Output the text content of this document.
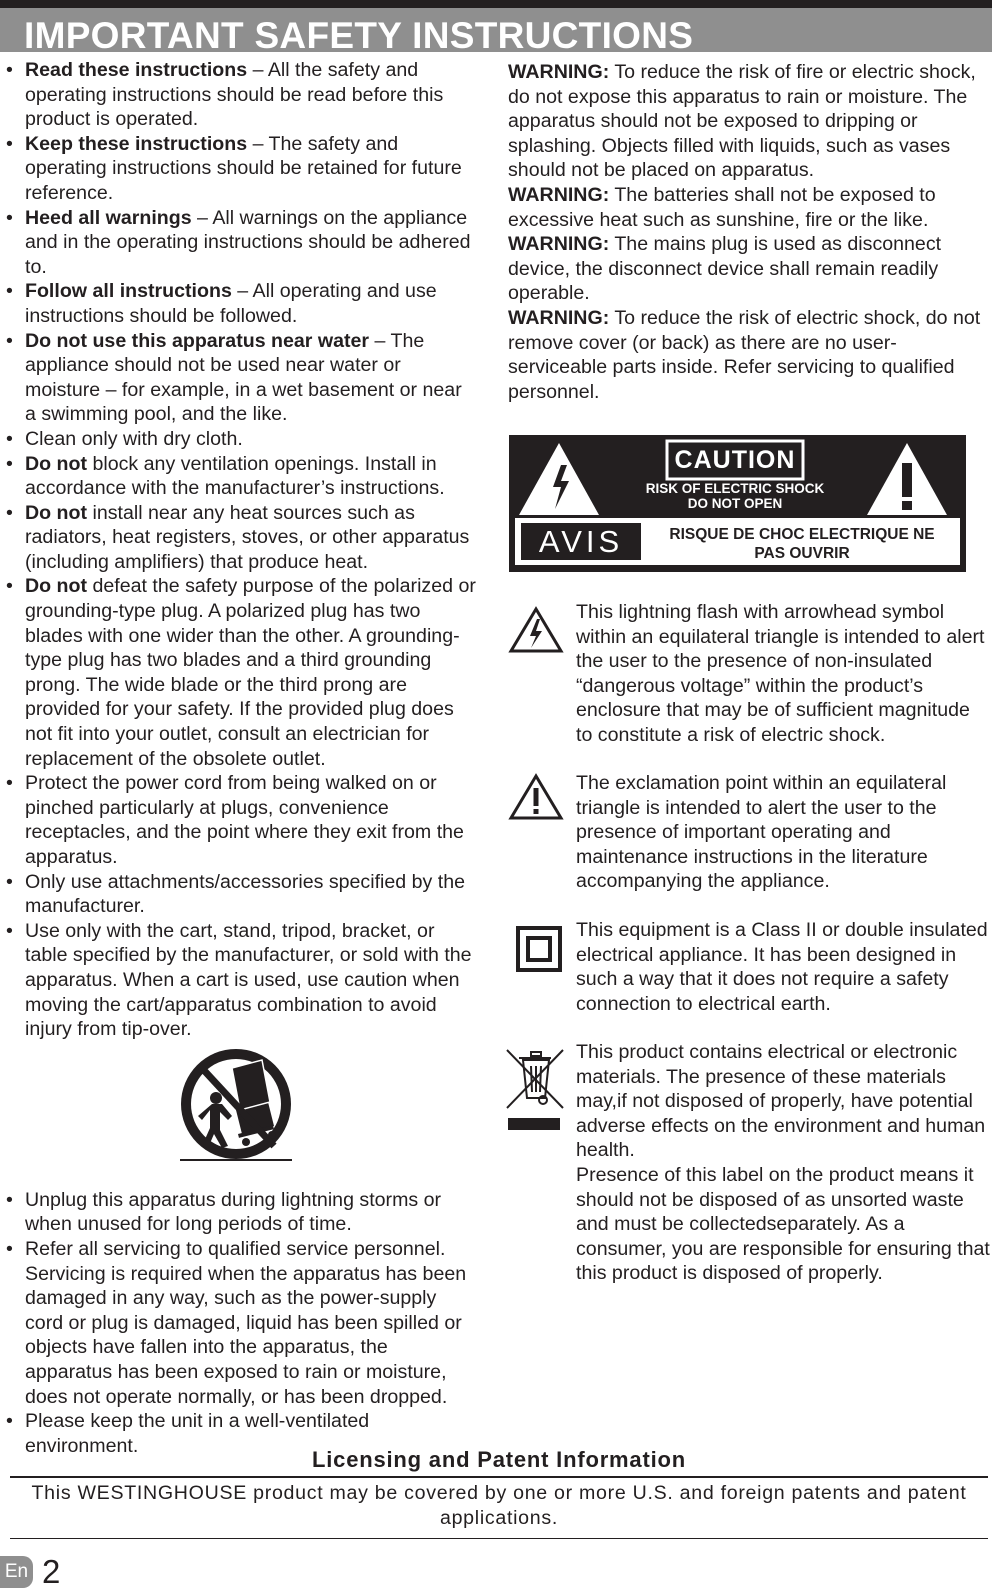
IMPORTANT SAFETY INSTRUCTIONS
• Read these instructions – All the safety and operating instructions should be read before this product is operated.
• Keep these instructions – The safety and operating instructions should be retained for future reference.
• Heed all warnings – All warnings on the appliance and in the operating instructions should be adhered to.
• Follow all instructions – All operating and use instructions should be followed.
• Do not use this apparatus near water – The appliance should not be used near water or moisture – for example, in a wet basement or near a swimming pool, and the like.
• Clean only with dry cloth.
• Do not block any ventilation openings. Install in accordance with the manufacturer’s instructions.
• Do not install near any heat sources such as radiators, heat registers, stoves, or other apparatus (including amplifiers) that produce heat.
• Do not defeat the safety purpose of the polarized or grounding-type plug. A polarized plug has two blades with one wider than the other. A grounding-type plug has two blades and a third grounding prong. The wide blade or the third prong are provided for your safety. If the provided plug does not fit into your outlet, consult an electrician for replacement of the obsolete outlet.
• Protect the power cord from being walked on or pinched particularly at plugs, convenience receptacles, and the point where they exit from the apparatus.
• Only use attachments/accessories specified by the manufacturer.
• Use only with the cart, stand, tripod, bracket, or table specified by the manufacturer, or sold with the apparatus. When a cart is used, use caution when moving the cart/apparatus combination to avoid injury from tip-over.
• Unplug this apparatus during lightning storms or when unused for long periods of time.
• Refer all servicing to qualified service personnel. Servicing is required when the apparatus has been damaged in any way, such as the power-supply cord or plug is damaged, liquid has been spilled or objects have fallen into the apparatus, the apparatus has been exposed to rain or moisture, does not operate normally, or has been dropped.
• Please keep the unit in a well-ventilated environment.

WARNING: To reduce the risk of fire or electric shock, do not expose this apparatus to rain or moisture. The apparatus should not be exposed to dripping or splashing. Objects filled with liquids, such as vases should not be placed on apparatus.

WARNING: The batteries shall not be exposed to excessive heat such as sunshine, fire or the like.

WARNING: The mains plug is used as disconnect device, the disconnect device shall remain readily operable.

WARNING: To reduce the risk of electric shock, do not remove cover (or back) as there are no user-serviceable parts inside. Refer servicing to qualified personnel.

CAUTION
RISK OF ELECTRIC SHOCK
DO NOT OPEN
AVIS	RISQUE DE CHOC ELECTRIQUE NE
PAS OUVRIR
This lightning flash with arrowhead symbol within an equilateral triangle is intended to alert the user to the presence of non-insulated “dangerous voltage” within the product’s enclosure that may be of sufficient magnitude to constitute a risk of electric shock.
The exclamation point within an equilateral triangle is intended to alert the user to the presence of important operating and maintenance instructions in the literature accompanying the appliance.
This equipment is a Class II or double insulated electrical appliance. It has been designed in such a way that it does not require a safety connection to electrical earth.
This product contains electrical or electronic materials. The presence of these materials may,if not disposed of properly, have potential adverse effects on the environment and human health.
Presence of this label on the product means it should not be disposed of as unsorted waste and must be collectedseparately. As a consumer, you are responsible for ensuring that this product is disposed of properly.
Licensing and Patent Information

This WESTINGHOUSE product may be covered by one or more U.S. and foreign patents and patent applications.

En 2
